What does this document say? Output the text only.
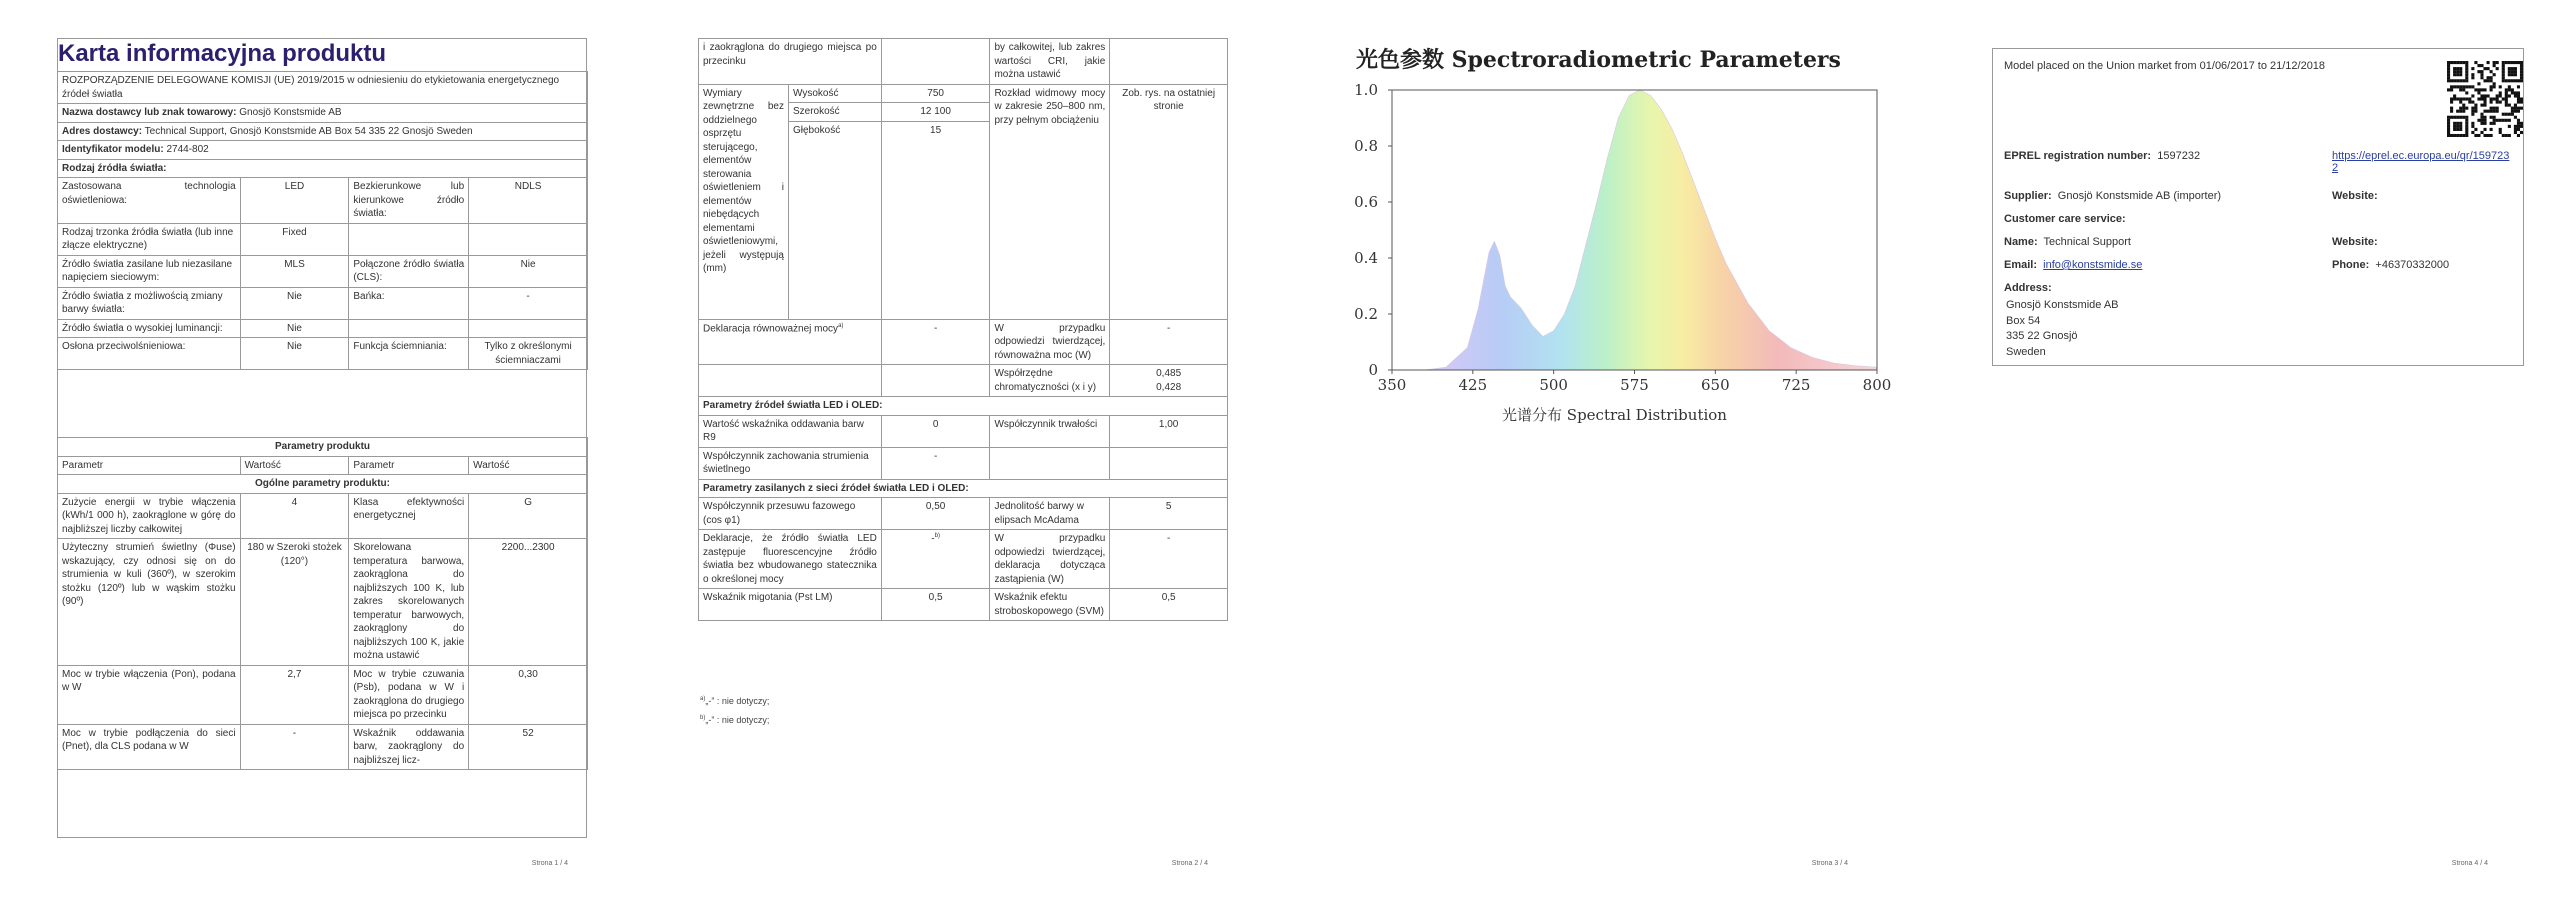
Karta informacyjna produktu
ROZPORZĄDZENIE DELEGOWANE KOMISJI (UE) 2019/2015 w odniesieniu do etykietowania energetycznego źródeł światła			
Nazwa dostawcy lub znak towarowy: Gnosjö Konstsmide AB			
Adres dostawcy: Technical Support, Gnosjö Konstsmide AB Box 54 335 22 Gnosjö Sweden			
Identyfikator modelu: 2744-802			
Rodzaj źródła światła:			
Zastosowana technologia oświetleniowa:	LED	Bezkierunkowe lub kierunkowe źródło światła:	NDLS
Rodzaj trzonka źródła światła (lub inne złącze elektryczne)	Fixed		
Źródło światła zasilane lub niezasilane napięciem sieciowym:	MLS	Połączone źródło światła (CLS):	Nie
Źródło światła z możliwością zmiany barwy światła:	Nie	Bańka:	-
Źródło światła o wysokiej luminancji:	Nie		
Osłona przeciwolśnieniowa:	Nie	Funkcja ściemniania:	Tylko z określonymi ściemniaczami
Parametry produktu			
Parametr	Wartość	Parametr	Wartość
Ogólne parametry produktu:			
Zużycie energii w trybie włączenia (kWh/1 000 h), zaokrąglone w górę do najbliższej liczby całkowitej	4	Klasa efektywności energetycznej	G
Użyteczny strumień świetlny (Φuse) wskazujący, czy odnosi się on do strumienia w kuli (360º), w szerokim stożku (120º) lub w wąskim stożku (90º)	180 w Szeroki stożek (120°)	Skorelowana temperatura barwowa, zaokrąglona do najbliższych 100 K, lub zakres skorelowanych temperatur barwowych, zaokrąglony do najbliższych 100 K, jakie można ustawić	2200...2300
Moc w trybie włączenia (Pon), podana w W	2,7	Moc w trybie czuwania (Psb), podana w W i zaokrąglona do drugiego miejsca po przecinku	0,30
Moc w trybie podłączenia do sieci (Pnet), dla CLS podana w W	-	Wskaźnik oddawania barw, zaokrąglony do najbliższej licz-	52
Strona 1 / 4
i zaokrąglona do drugiego miejsca po przecinku			by całkowitej, lub zakres wartości CRI, jakie można ustawić	
Wymiary zewnętrzne bez oddzielnego osprzętu sterującego, elementów sterowania oświetleniem i elementów niebędących elementami oświetleniowymi, jeżeli występują (mm)	Wysokość	750	Rozkład widmowy mocy w zakresie 250–800 nm, przy pełnym obciążeniu	Zob. rys. na ostatniej stronie
	Szerokość	12 100		
	Głębokość	15		
Deklaracja równoważnej mocy$^{a)}$		-	W przypadku odpowiedzi twierdzącej, równoważna moc (W)	-
			Współrzędne chromatyczności (x i y)	0,485
0,428

Parametry źródeł światła LED i OLED:				
Wartość wskaźnika oddawania barw R9		0	Współczynnik trwałości	1,00
Współczynnik zachowania strumienia świetlnego		-		
Parametry zasilanych z sieci źródeł światła LED i OLED:				
Współczynnik przesuwu fazowego (cos φ1)		0,50	Jednolitość barwy w elipsach McAdama	5
Deklaracje, że źródło światła LED zastępuje fluorescencyjne źródło światła bez wbudowanego statecznika o określonej mocy		-$^{b)}$	W przypadku odpowiedzi twierdzącej, deklaracja dotycząca zastąpienia (W)	-
Wskaźnik migotania (Pst LM)		0,5	Wskaźnik efektu stroboskopowego (SVM)	0,5
$^{a)}$„-” : nie dotyczy;
$^{b)}$„-” : nie dotyczy;
Strona 2 / 4
光色参数 Spectroradiometric Parameters
350	425	500	575	650	725	800
0
0.2
0.4
0.6
0.8
1.0
光谱分布 Spectral Distribution
Strona 3 / 4
Model placed on the Union market from 01/06/2017 to 21/12/2018
EPREL registration number: 1597232	https://eprel.ec.europa.eu/qr/1597232
Supplier: Gnosjö Konstsmide AB (importer)	Website:
Customer care service:
Name: Technical Support	Website:
Email: info@konstsmide.se	Phone: +46370332000
Address:
Gnosjö Konstsmide AB
Box 54
335 22 Gnosjö
Sweden
Strona 4 / 4
